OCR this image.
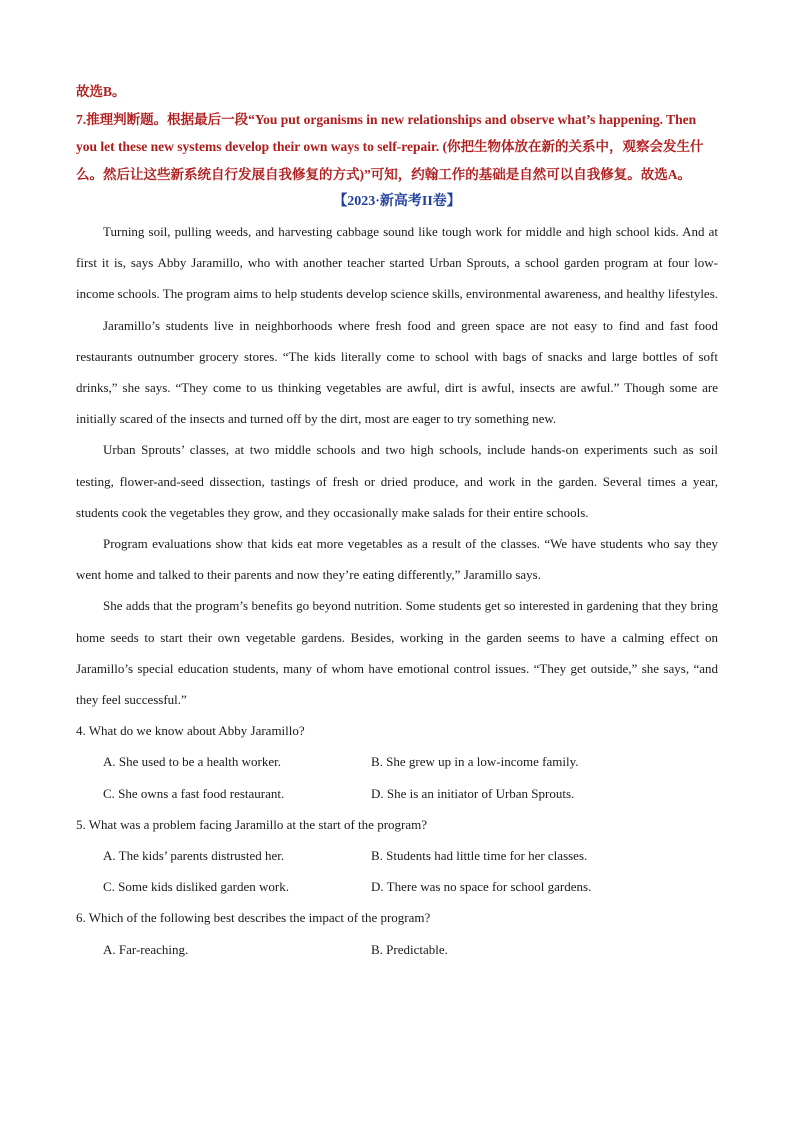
故选B。

7.推理判断题。根据最后一段“You put organisms in new relationships and observe what’s happening. Then you let these new systems develop their own ways to self-repair. (你把生物体放在新的关系中，观察会发生什么。然后让这些新系统自行发展自我修复的方式)”可知，约翰工作的基础是自然可以自我修复。故选A。

【2023·新高考II卷】

Turning soil, pulling weeds, and harvesting cabbage sound like tough work for middle and high school kids. And at first it is, says Abby Jaramillo, who with another teacher started Urban Sprouts, a school garden program at four low-income schools. The program aims to help students develop science skills, environmental awareness, and healthy lifestyles.

Jaramillo’s students live in neighborhoods where fresh food and green space are not easy to find and fast food restaurants outnumber grocery stores. “The kids literally come to school with bags of snacks and large bottles of soft drinks,” she says. “They come to us thinking vegetables are awful, dirt is awful, insects are awful.” Though some are initially scared of the insects and turned off by the dirt, most are eager to try something new.

Urban Sprouts’ classes, at two middle schools and two high schools, include hands-on experiments such as soil testing, flower-and-seed dissection, tastings of fresh or dried produce, and work in the garden. Several times a year, students cook the vegetables they grow, and they occasionally make salads for their entire schools.

Program evaluations show that kids eat more vegetables as a result of the classes. “We have students who say they went home and talked to their parents and now they’re eating differently,” Jaramillo says.

She adds that the program’s benefits go beyond nutrition. Some students get so interested in gardening that they bring home seeds to start their own vegetable gardens. Besides, working in the garden seems to have a calming effect on Jaramillo’s special education students, many of whom have emotional control issues. “They get outside,” she says, “and they feel successful.”

4. What do we know about Abby Jaramillo?

A. She used to be a health worker.	B. She grew up in a low-income family.
C. She owns a fast food restaurant.	D. She is an initiator of Urban Sprouts.

5. What was a problem facing Jaramillo at the start of the program?

A. The kids’ parents distrusted her.	B. Students had little time for her classes.
C. Some kids disliked garden work.	D. There was no space for school gardens.

6. Which of the following best describes the impact of the program?

A. Far-reaching.	B. Predictable.
